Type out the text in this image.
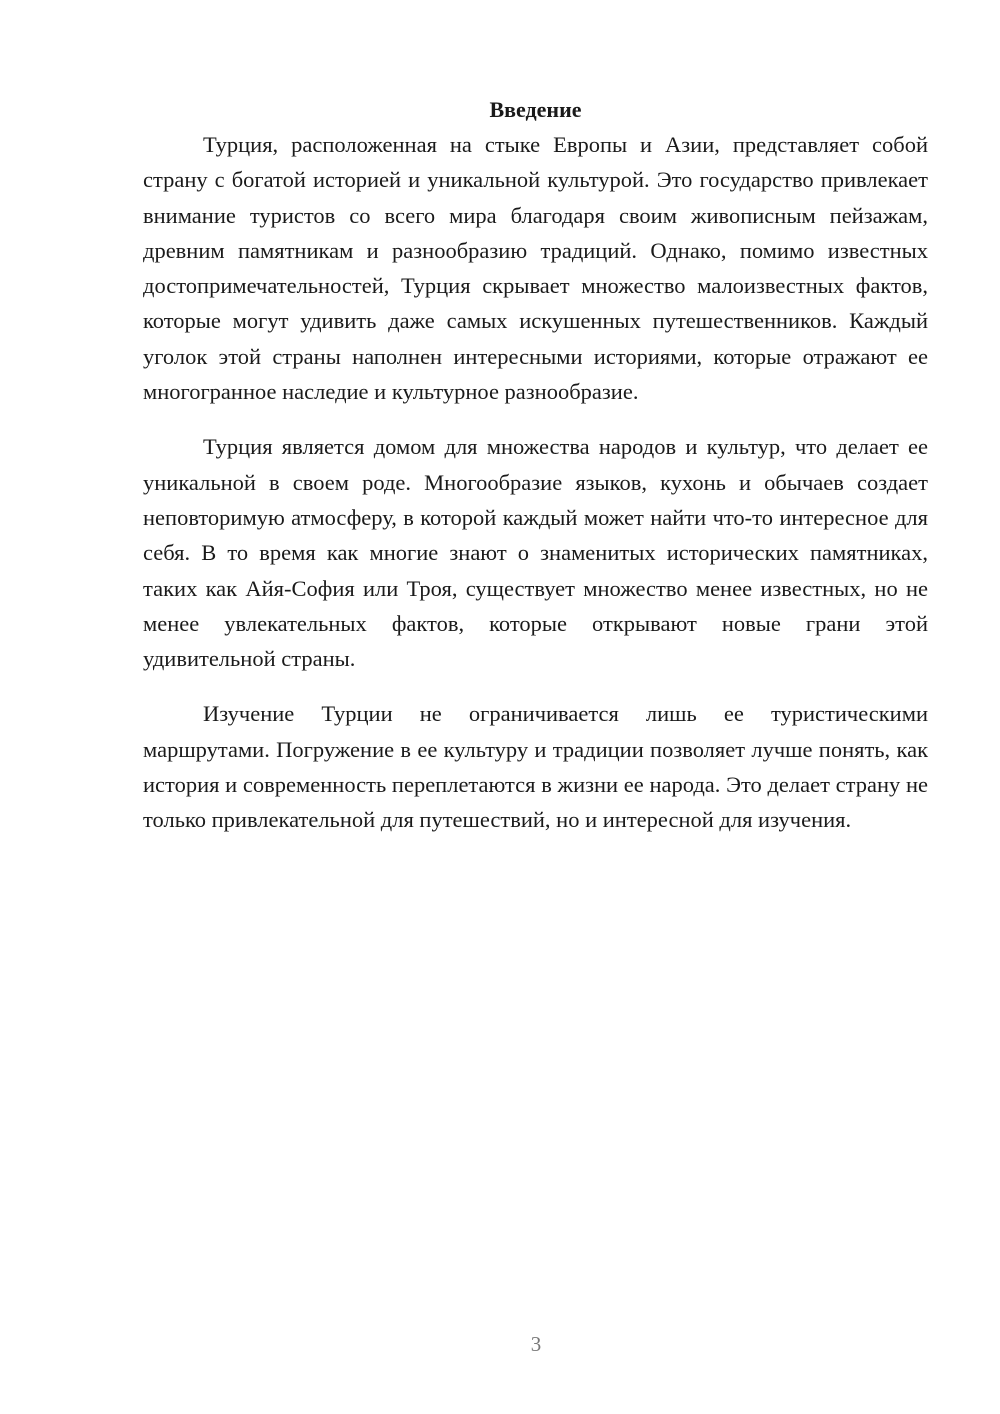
Введение

Турция, расположенная на стыке Европы и Азии, представляет собой страну с богатой историей и уникальной культурой. Это государство привлекает внимание туристов со всего мира благодаря своим живописным пейзажам, древним памятникам и разнообразию традиций. Однако, помимо известных достопримечательностей, Турция скрывает множество малоизвестных фактов, которые могут удивить даже самых искушенных путешественников. Каждый уголок этой страны наполнен интересными историями, которые отражают ее многогранное наследие и культурное разнообразие.

Турция является домом для множества народов и культур, что делает ее уникальной в своем роде. Многообразие языков, кухонь и обычаев создает неповторимую атмосферу, в которой каждый может найти что-то интересное для себя. В то время как многие знают о знаменитых исторических памятниках, таких как Айя-София или Троя, существует множество менее известных, но не менее увлекательных фактов, которые открывают новые грани этой удивительной страны.

Изучение Турции не ограничивается лишь ее туристическими маршрутами. Погружение в ее культуру и традиции позволяет лучше понять, как история и современность переплетаются в жизни ее народа. Это делает страну не только привлекательной для путешествий, но и интересной для изучения.

3
